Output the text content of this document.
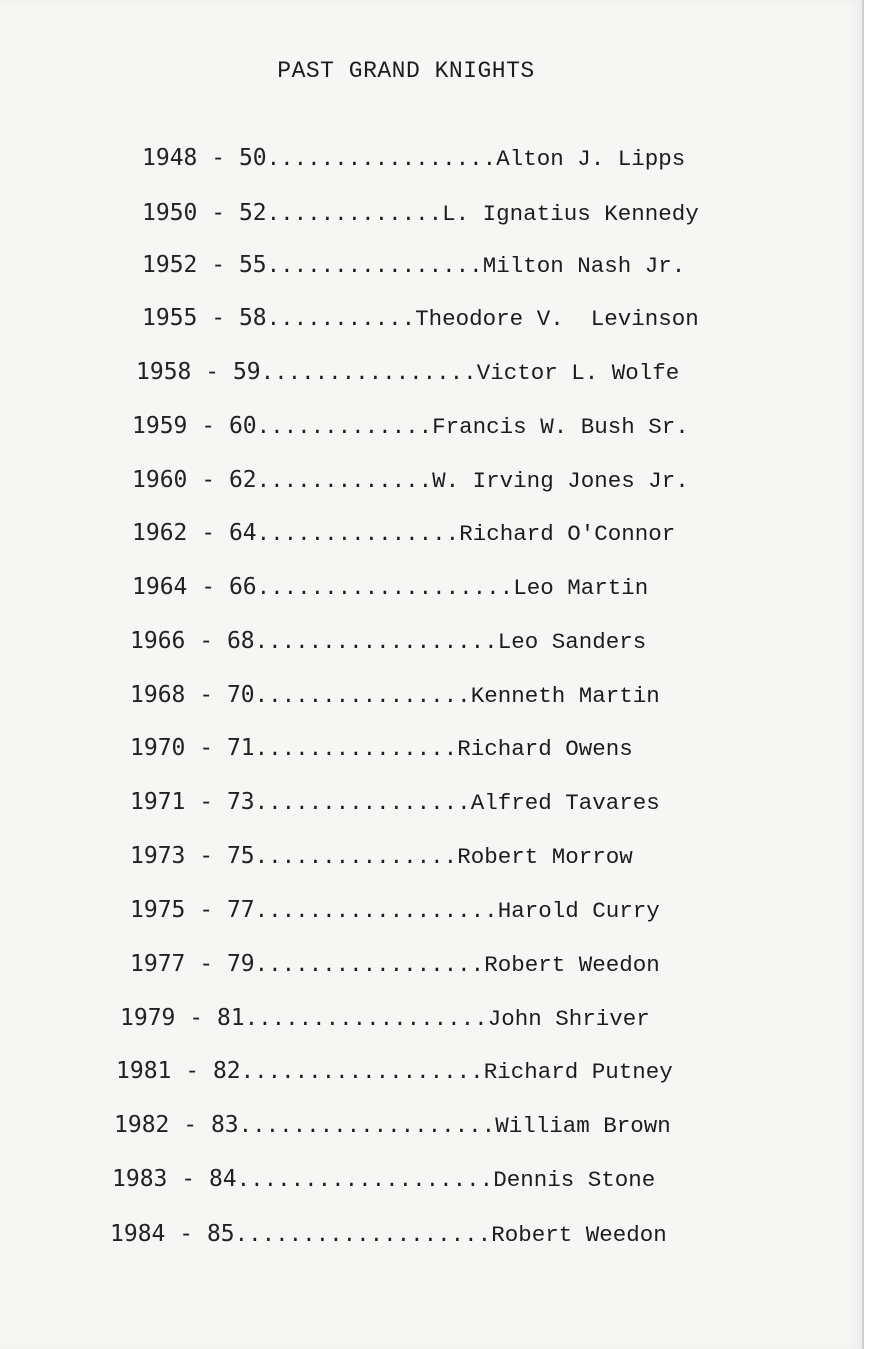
PAST GRAND KNIGHTS

1948 - 50.................Alton J. Lipps

1950 - 52.............L. Ignatius Kennedy

1952 - 55................Milton Nash Jr.

1955 - 58...........Theodore V.  Levinson

1958 - 59................Victor L. Wolfe

1959 - 60.............Francis W. Bush Sr.

1960 - 62.............W. Irving Jones Jr.

1962 - 64...............Richard O'Connor

1964 - 66...................Leo Martin

1966 - 68..................Leo Sanders

1968 - 70................Kenneth Martin

1970 - 71...............Richard Owens

1971 - 73................Alfred Tavares

1973 - 75...............Robert Morrow

1975 - 77..................Harold Curry

1977 - 79.................Robert Weedon

1979 - 81..................John Shriver

1981 - 82..................Richard Putney

1982 - 83...................William Brown

1983 - 84...................Dennis Stone

1984 - 85...................Robert Weedon
